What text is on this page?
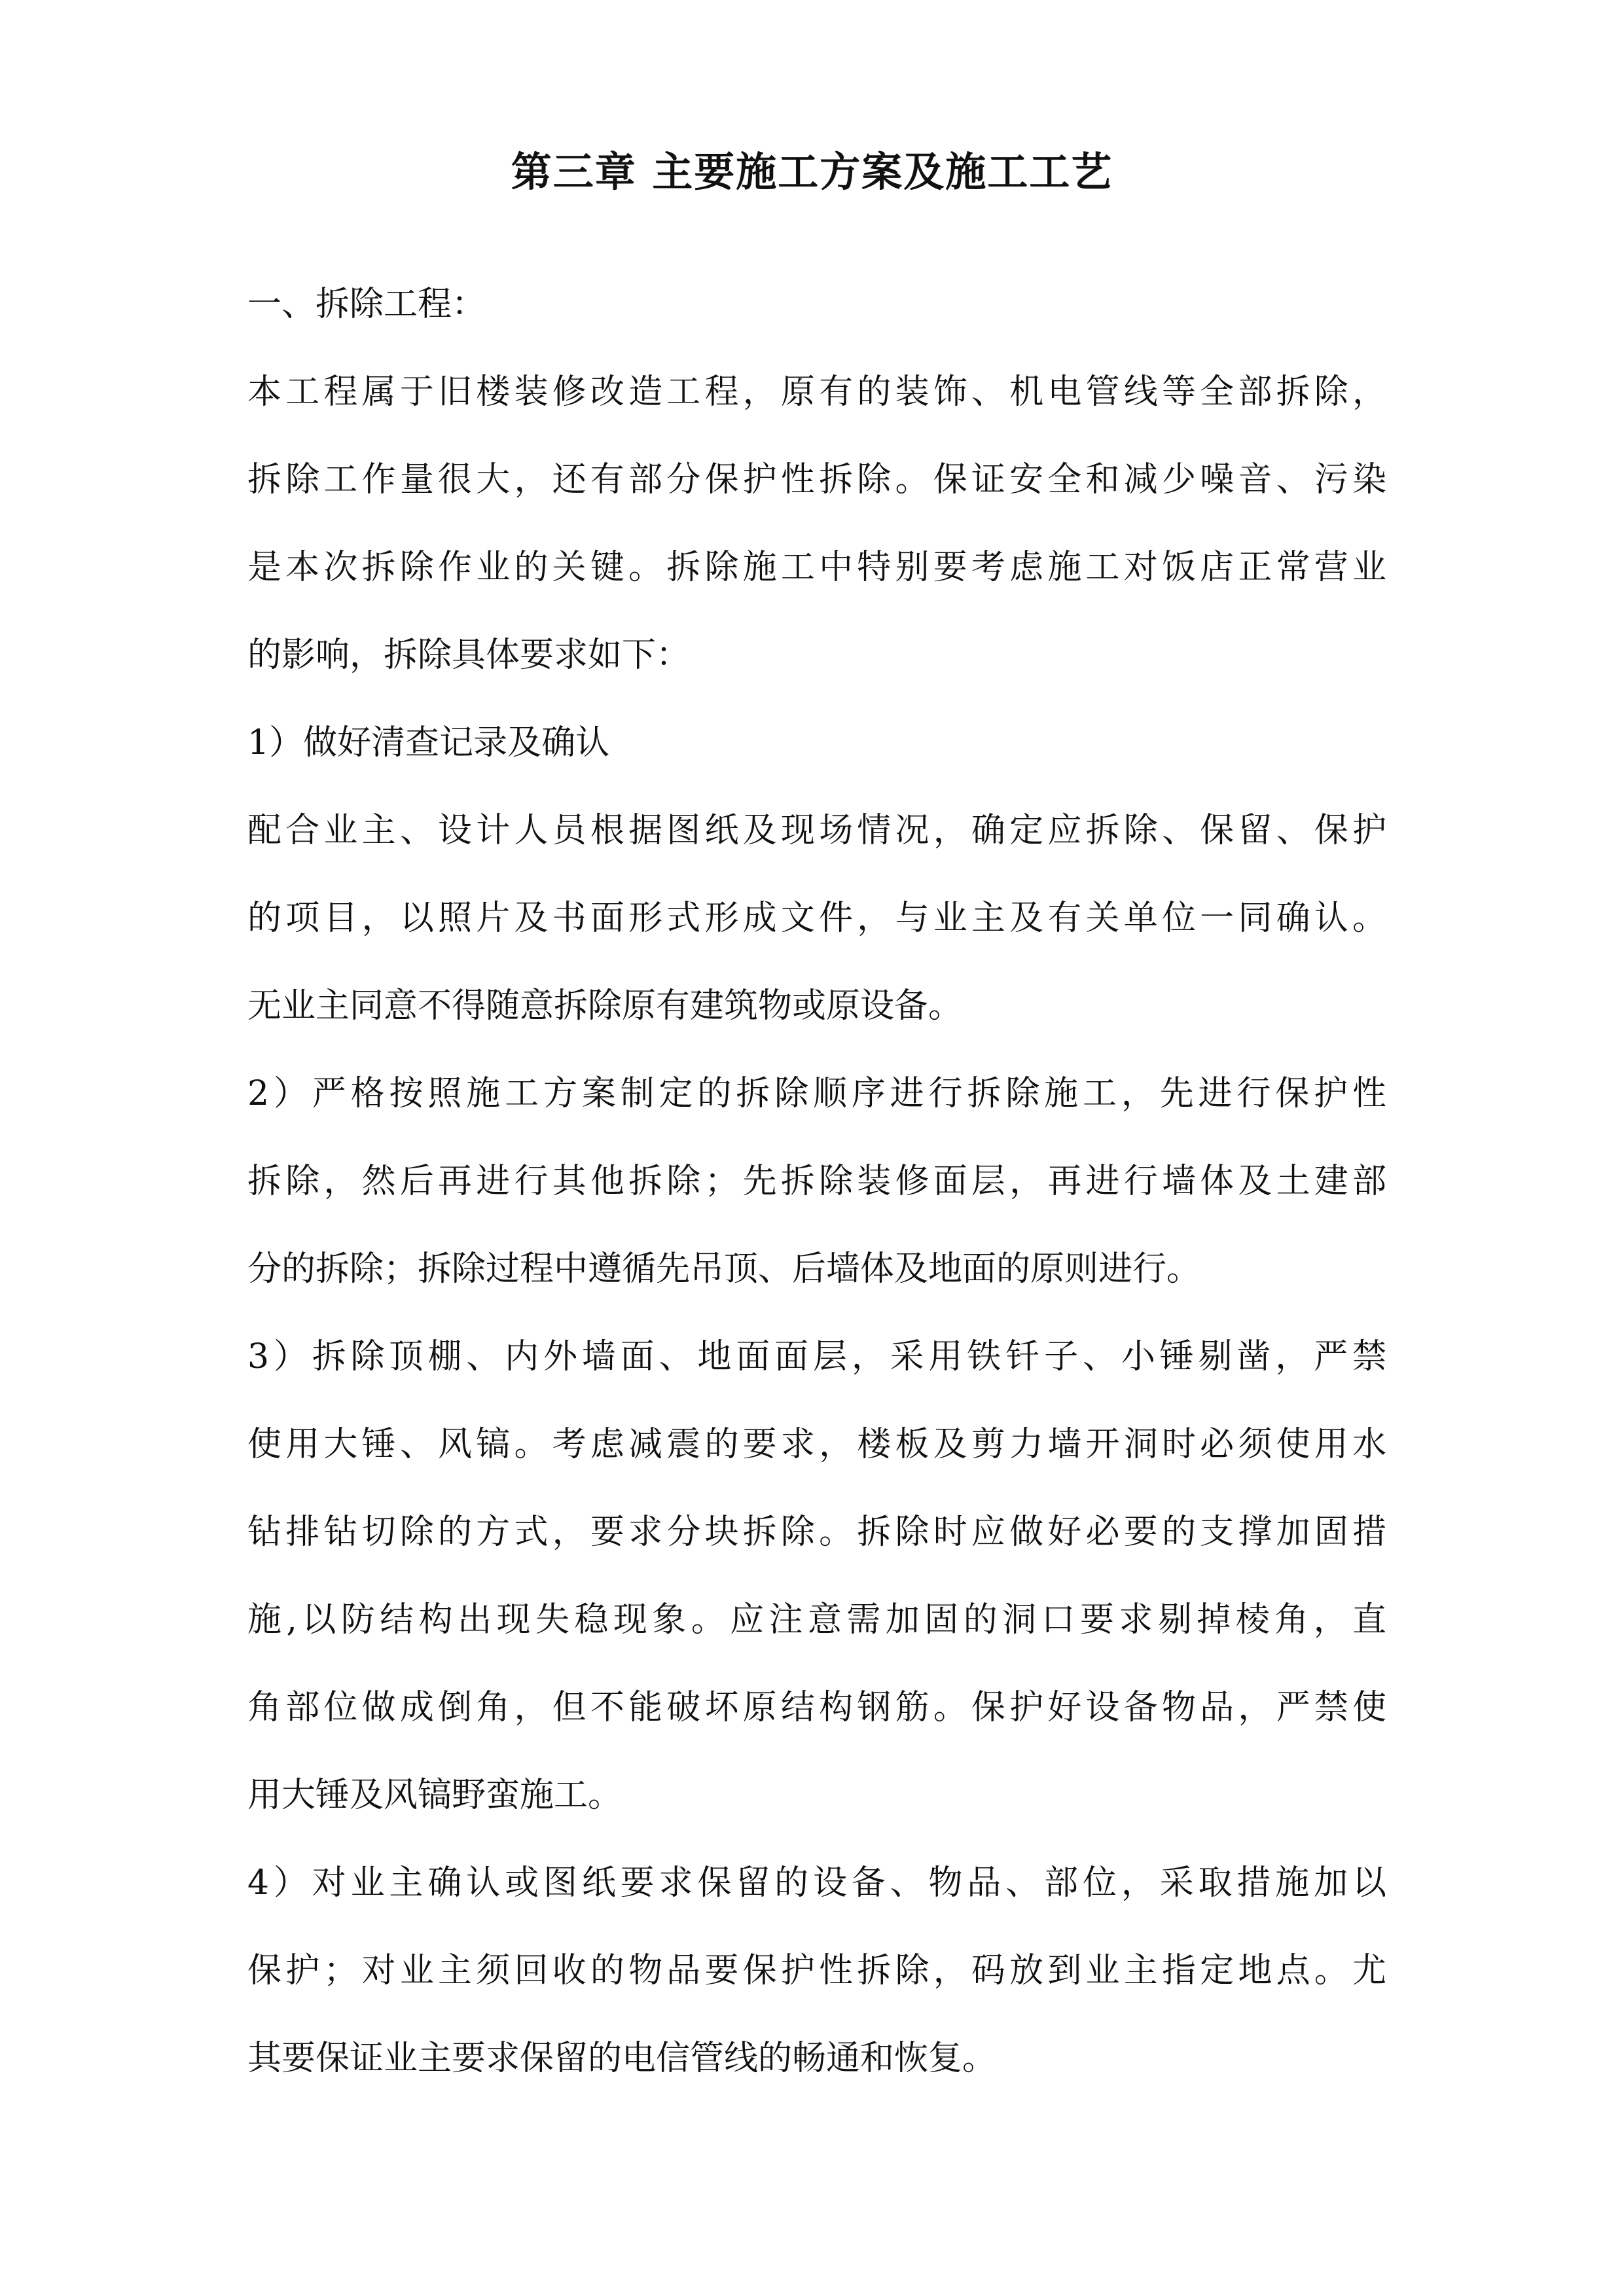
第三章 主要施工方案及施工工艺
一、拆除工程：
本工程属于旧楼装修改造工程，原有的装饰、机电管线等全部拆除，
拆除工作量很大，还有部分保护性拆除。保证安全和减少噪音、污染
是本次拆除作业的关键。拆除施工中特别要考虑施工对饭店正常营业
的影响，拆除具体要求如下：
1）做好清查记录及确认
配合业主、设计人员根据图纸及现场情况，确定应拆除、保留、保护
的项目，以照片及书面形式形成文件，与业主及有关单位一同确认。
无业主同意不得随意拆除原有建筑物或原设备。
2）严格按照施工方案制定的拆除顺序进行拆除施工，先进行保护性
拆除，然后再进行其他拆除；先拆除装修面层，再进行墙体及土建部
分的拆除；拆除过程中遵循先吊顶、后墙体及地面的原则进行。
3）拆除顶棚、内外墙面、地面面层，采用铁钎子、小锤剔凿，严禁
使用大锤、风镐。考虑减震的要求，楼板及剪力墙开洞时必须使用水
钻排钻切除的方式，要求分块拆除。拆除时应做好必要的支撑加固措
施,以防结构出现失稳现象。应注意需加固的洞口要求剔掉棱角，直
角部位做成倒角，但不能破坏原结构钢筋。保护好设备物品，严禁使
用大锤及风镐野蛮施工。
4）对业主确认或图纸要求保留的设备、物品、部位，采取措施加以
保护；对业主须回收的物品要保护性拆除，码放到业主指定地点。尤
其要保证业主要求保留的电信管线的畅通和恢复。
